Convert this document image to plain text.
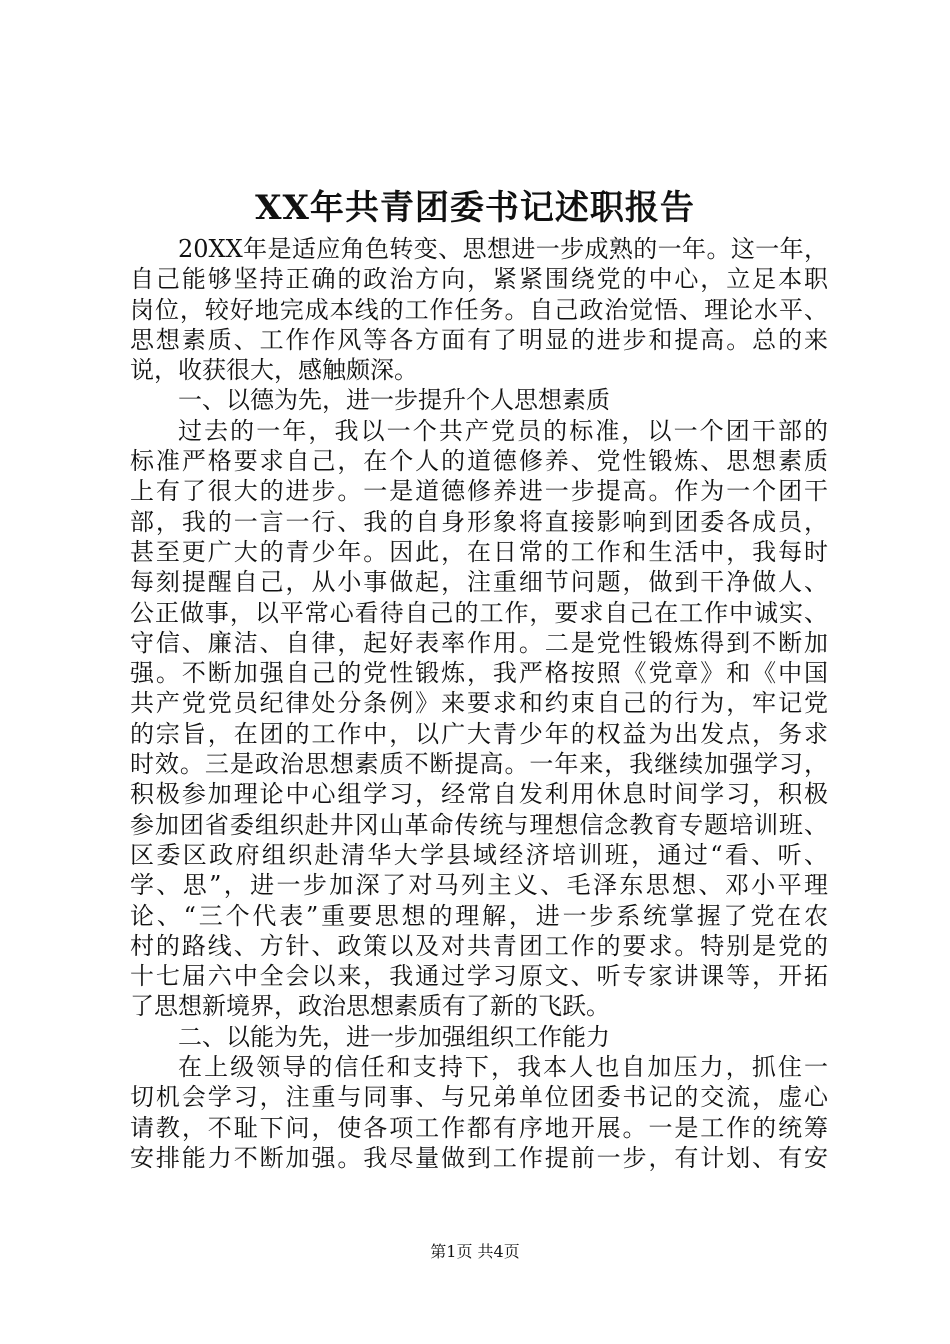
XX年共青团委书记述职报告
20XX年是适应角色转变、思想进一步成熟的一年。这一年，
自己能够坚持正确的政治方向，紧紧围绕党的中心，立足本职
岗位，较好地完成本线的工作任务。自己政治觉悟、理论水平、
思想素质、工作作风等各方面有了明显的进步和提高。总的来
说，收获很大，感触颇深。
一、以德为先，进一步提升个人思想素质
过去的一年，我以一个共产党员的标准，以一个团干部的
标准严格要求自己，在个人的道德修养、党性锻炼、思想素质
上有了很大的进步。一是道德修养进一步提高。作为一个团干
部，我的一言一行、我的自身形象将直接影响到团委各成员，
甚至更广大的青少年。因此，在日常的工作和生活中，我每时
每刻提醒自己，从小事做起，注重细节问题，做到干净做人、
公正做事，以平常心看待自己的工作，要求自己在工作中诚实、
守信、廉洁、自律，起好表率作用。二是党性锻炼得到不断加
强。不断加强自己的党性锻炼，我严格按照《党章》和《中国
共产党党员纪律处分条例》来要求和约束自己的行为，牢记党
的宗旨，在团的工作中，以广大青少年的权益为出发点，务求
时效。三是政治思想素质不断提高。一年来，我继续加强学习，
积极参加理论中心组学习，经常自发利用休息时间学习，积极
参加团省委组织赴井冈山革命传统与理想信念教育专题培训班、
区委区政府组织赴清华大学县域经济培训班，通过“看、听、
学、思”，进一步加深了对马列主义、毛泽东思想、邓小平理
论、“三个代表”重要思想的理解，进一步系统掌握了党在农
村的路线、方针、政策以及对共青团工作的要求。特别是党的
十七届六中全会以来，我通过学习原文、听专家讲课等，开拓
了思想新境界，政治思想素质有了新的飞跃。
二、以能为先，进一步加强组织工作能力
在上级领导的信任和支持下，我本人也自加压力，抓住一
切机会学习，注重与同事、与兄弟单位团委书记的交流，虚心
请教，不耻下问，使各项工作都有序地开展。一是工作的统筹
安排能力不断加强。我尽量做到工作提前一步，有计划、有安
第1页 共4页
